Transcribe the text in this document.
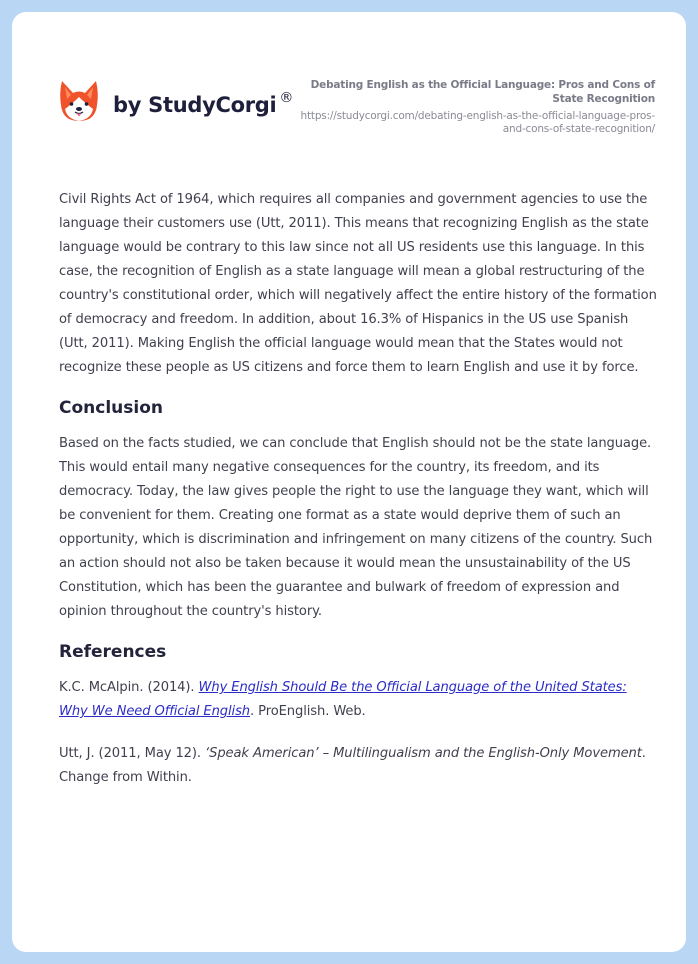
by StudyCorgi ®
Debating English as the Official Language: Pros and Cons of State Recognition
https://studycorgi.com/debating-english-as-the-official-language-pros-and-cons-of-state-recognition/

Civil Rights Act of 1964, which requires all companies and government agencies to use the language their customers use (Utt, 2011). This means that recognizing English as the state language would be contrary to this law since not all US residents use this language. In this case, the recognition of English as a state language will mean a global restructuring of the country's constitutional order, which will negatively affect the entire history of the formation of democracy and freedom. In addition, about 16.3% of Hispanics in the US use Spanish (Utt, 2011). Making English the official language would mean that the States would not recognize these people as US citizens and force them to learn English and use it by force.

Conclusion

Based on the facts studied, we can conclude that English should not be the state language. This would entail many negative consequences for the country, its freedom, and its democracy. Today, the law gives people the right to use the language they want, which will be convenient for them. Creating one format as a state would deprive them of such an opportunity, which is discrimination and infringement on many citizens of the country. Such an action should not also be taken because it would mean the unsustainability of the US Constitution, which has been the guarantee and bulwark of freedom of expression and opinion throughout the country's history.

References

K.C. McAlpin. (2014). Why English Should Be the Official Language of the United States: Why We Need Official English. ProEnglish. Web.

Utt, J. (2011, May 12). ‘Speak American’ – Multilingualism and the English-Only Movement. Change from Within.
